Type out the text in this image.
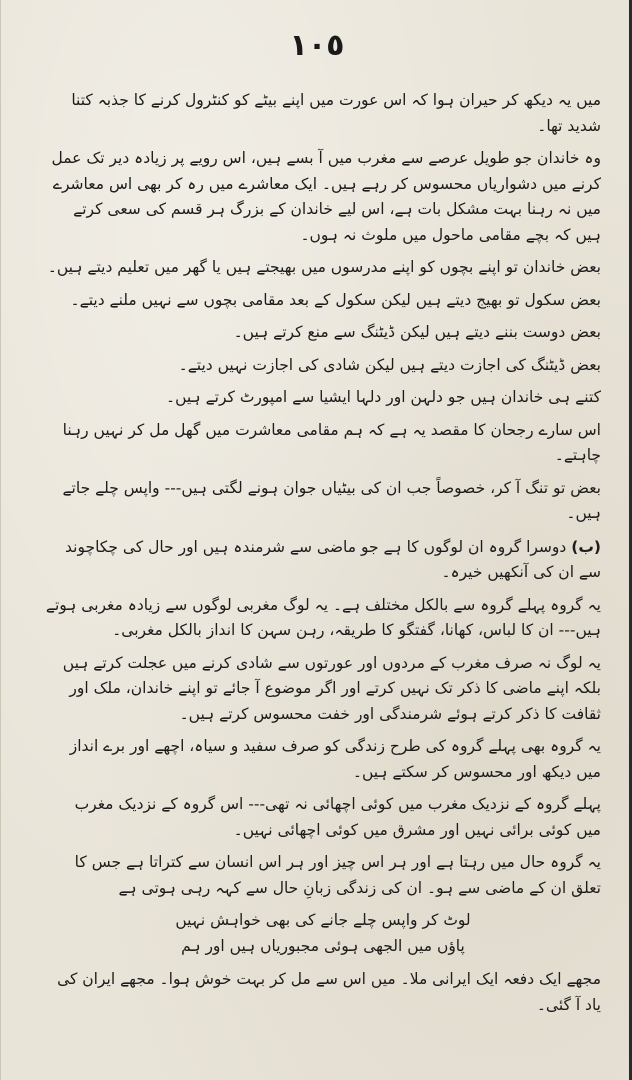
١٠٥

میں یہ دیکھ کر حیران ہوا کہ اس عورت میں اپنے بیٹے کو کنٹرول کرنے کا جذبہ کتنا شدید تھا۔

وہ خاندان جو طویل عرصے سے مغرب میں آ بسے ہیں، اس رویے پر زیادہ دیر تک عمل کرنے میں دشواریاں محسوس کر رہے ہیں۔ ایک معاشرے میں رہ کر بھی اس معاشرے میں نہ رہنا بہت مشکل بات ہے، اس لیے خاندان کے بزرگ ہر قسم کی سعی کرتے ہیں کہ بچے مقامی ماحول میں ملوث نہ ہوں۔

بعض خاندان تو اپنے بچوں کو اپنے مدرسوں میں بھیجتے ہیں یا گھر میں تعلیم دیتے ہیں۔

بعض سکول تو بھیج دیتے ہیں لیکن سکول کے بعد مقامی بچوں سے نہیں ملنے دیتے۔

بعض دوست بننے دیتے ہیں لیکن ڈیٹنگ سے منع کرتے ہیں۔

بعض ڈیٹنگ کی اجازت دیتے ہیں لیکن شادی کی اجازت نہیں دیتے۔

کتنے ہی خاندان ہیں جو دلہن اور دلہا ایشیا سے امپورٹ کرتے ہیں۔

اس سارے رجحان کا مقصد یہ ہے کہ ہم مقامی معاشرت میں گھل مل کر نہیں رہنا چاہتے۔

بعض تو تنگ آ کر، خصوصاً جب ان کی بیٹیاں جوان ہونے لگتی ہیں--- واپس چلے جاتے ہیں۔

(ب) دوسرا گروہ ان لوگوں کا ہے جو ماضی سے شرمندہ ہیں اور حال کی چکاچوند سے ان کی آنکھیں خیرہ۔

یہ گروہ پہلے گروہ سے بالکل مختلف ہے۔ یہ لوگ مغربی لوگوں سے زیادہ مغربی ہوتے ہیں--- ان کا لباس، کھانا، گفتگو کا طریقہ، رہن سہن کا انداز بالکل مغربی۔

یہ لوگ نہ صرف مغرب کے مردوں اور عورتوں سے شادی کرنے میں عجلت کرتے ہیں بلکہ اپنے ماضی کا ذکر تک نہیں کرتے اور اگر موضوع آ جائے تو اپنے خاندان، ملک اور ثقافت کا ذکر کرتے ہوئے شرمندگی اور خفت محسوس کرتے ہیں۔

یہ گروہ بھی پہلے گروہ کی طرح زندگی کو صرف سفید و سیاہ، اچھے اور برے انداز میں دیکھ اور محسوس کر سکتے ہیں۔

پہلے گروہ کے نزدیک مغرب میں کوئی اچھائی نہ تھی--- اس گروہ کے نزدیک مغرب میں کوئی برائی نہیں اور مشرق میں کوئی اچھائی نہیں۔

یہ گروہ حال میں رہتا ہے اور ہر اس چیز اور ہر اس انسان سے کتراتا ہے جس کا تعلق ان کے ماضی سے ہو۔ ان کی زندگی زبانِ حال سے کہہ رہی ہوتی ہے

لوٹ کر واپس چلے جانے کی بھی خواہش نہیں

پاؤں میں الجھی ہوئی مجبوریاں ہیں اور ہم

مجھے ایک دفعہ ایک ایرانی ملا۔ میں اس سے مل کر بہت خوش ہوا۔ مجھے ایران کی یاد آ گئی۔
